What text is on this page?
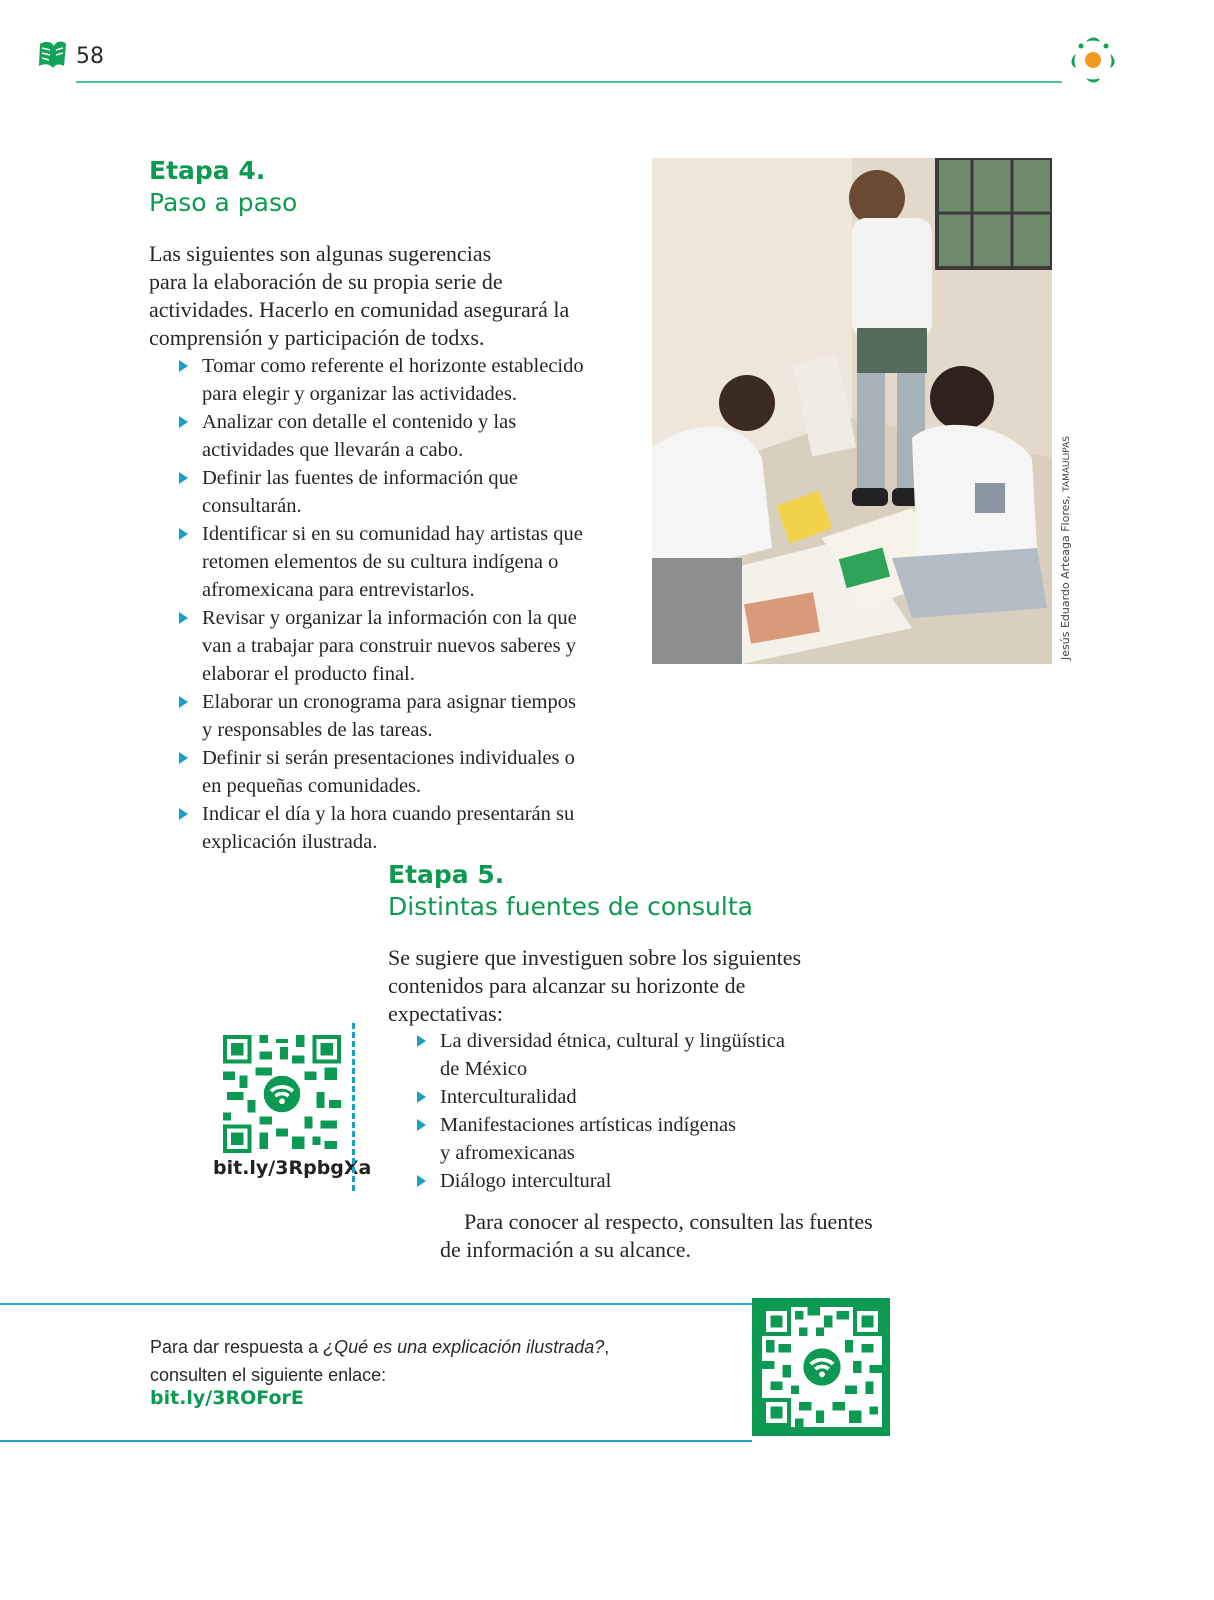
58
Etapa 4.
Paso a paso
Las siguientes son algunas sugerencias
para la elaboración de su propia serie de
actividades. Hacerlo en comunidad asegurará la
comprensión y participación de todxs.
Tomar como referente el horizonte establecido
para elegir y organizar las actividades.
Analizar con detalle el contenido y las
actividades que llevarán a cabo.
Definir las fuentes de información que
consultarán.
Identificar si en su comunidad hay artistas que
retomen elementos de su cultura indígena o
afromexicana para entrevistarlos.
Revisar y organizar la información con la que
van a trabajar para construir nuevos saberes y
elaborar el producto final.
Elaborar un cronograma para asignar tiempos
y responsables de las tareas.
Definir si serán presentaciones individuales o
en pequeñas comunidades.
Indicar el día y la hora cuando presentarán su
explicación ilustrada.
Jesús Eduardo Arteaga Flores, TAMAULIPAS
Etapa 5.
Distintas fuentes de consulta
Se sugiere que investiguen sobre los siguientes
contenidos para alcanzar su horizonte de
expectativas:
La diversidad étnica, cultural y lingüística
de México
Interculturalidad
Manifestaciones artísticas indígenas
y afromexicanas
Diálogo intercultural
Para conocer al respecto, consulten las fuentes
de información a su alcance.
bit.ly/3RpbgXa
Para dar respuesta a ¿Qué es una explicación ilustrada?,
consulten el siguiente enlace:
bit.ly/3ROForE
